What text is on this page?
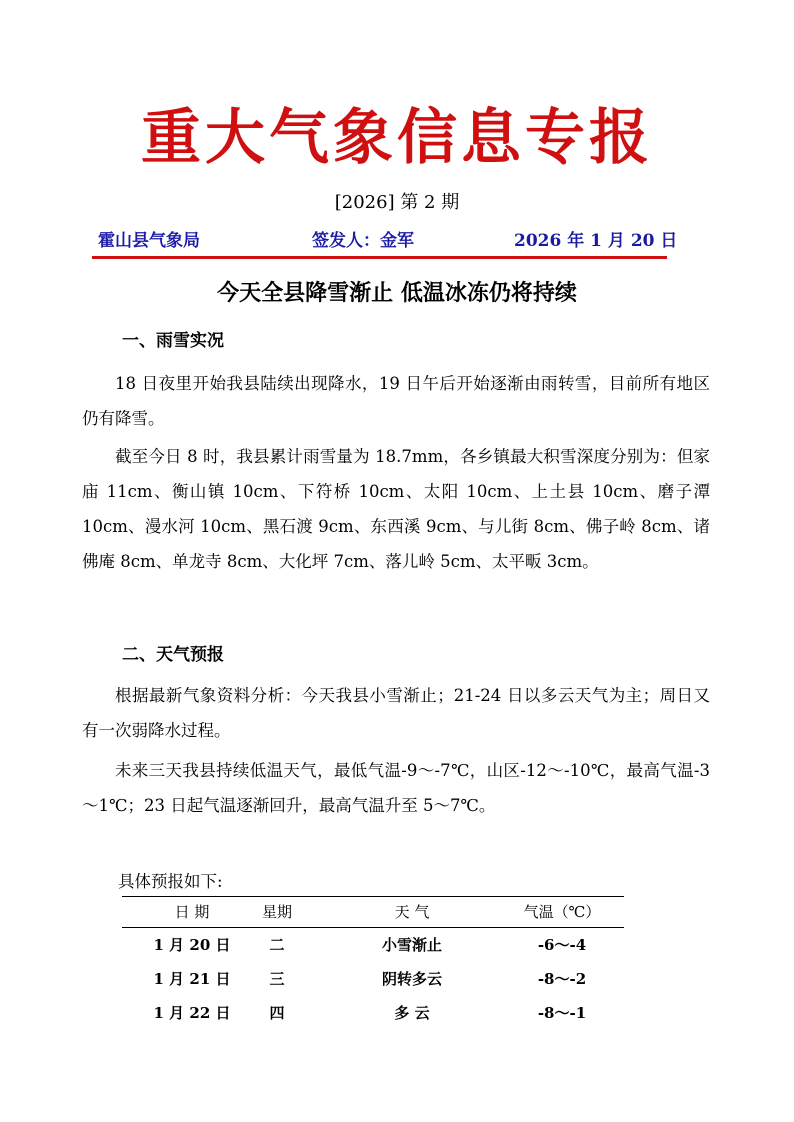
重大气象信息专报
[2026] 第 2 期
霍山县气象局	签发人：金军	2026 年 1 月 20 日
今天全县降雪渐止 低温冰冻仍将持续
一、雨雪实况

18 日夜里开始我县陆续出现降水，19 日午后开始逐渐由雨转雪，目前所有地区仍有降雪。

截至今日 8 时，我县累计雨雪量为 18.7mm，各乡镇最大积雪深度分别为：但家庙 11cm、衡山镇 10cm、下符桥 10cm、太阳 10cm、上土县 10cm、磨子潭 10cm、漫水河 10cm、黑石渡 9cm、东西溪 9cm、与儿街 8cm、佛子岭 8cm、诸佛庵 8cm、单龙寺 8cm、大化坪 7cm、落儿岭 5cm、太平畈 3cm。

二、天气预报

根据最新气象资料分析：今天我县小雪渐止；21-24 日以多云天气为主；周日又有一次弱降水过程。

未来三天我县持续低温天气，最低气温-9～-7℃，山区-12～-10℃，最高气温-3～1℃；23 日起气温逐渐回升，最高气温升至 5～7℃。

具体预报如下:
日 期	星期	天 气	气温（℃）
1 月 20 日	二	小雪渐止	-6～-4
1 月 21 日	三	阴转多云	-8～-2
1 月 22 日	四	多 云	-8～-1
